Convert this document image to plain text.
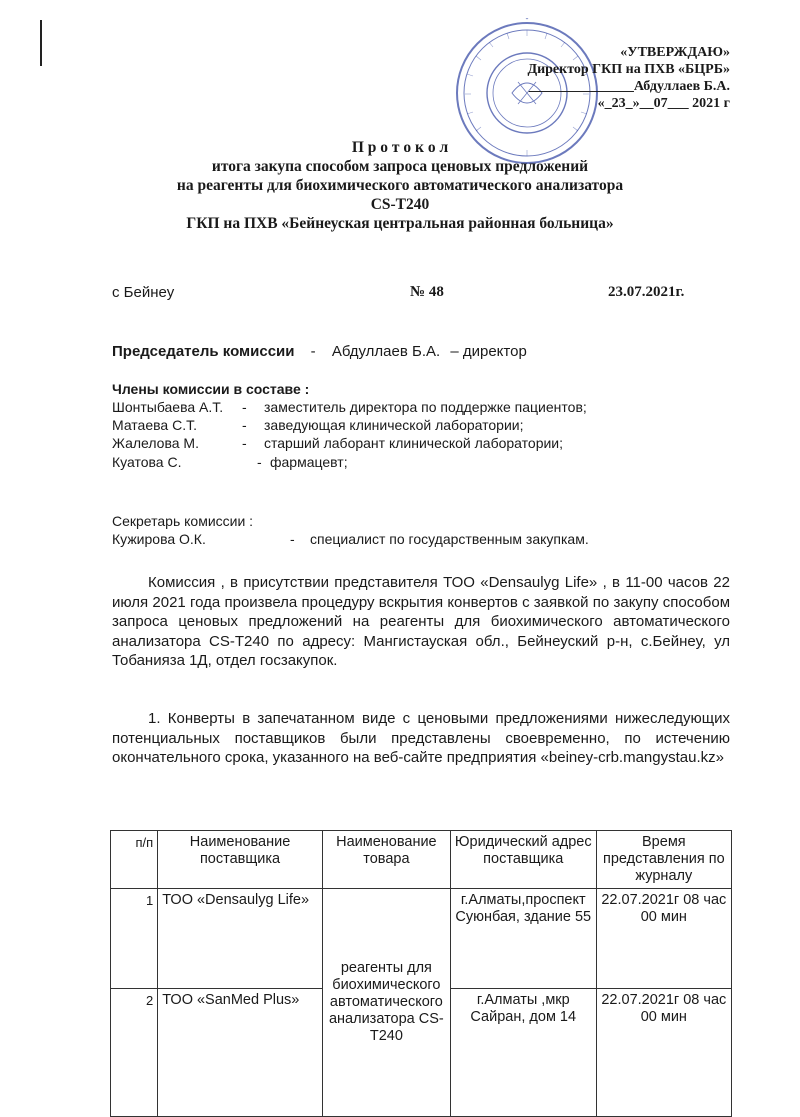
«УТВЕРЖДАЮ»
Директор ГКП на ПХВ «БЦРБ»
_______________Абдуллаев Б.А.
«_23_»__07___ 2021 г
П р о т о к о л
итога закупа способом запроса ценовых предложений
на реагенты для биохимического автоматического анализатора
CS-T240
ГКП на ПХВ «Бейнеуская центральная районная больница»
с Бейнеу	№ 48	23.07.2021г.
Председатель комиссии - Абдуллаев Б.А. – директор
Члены комиссии в составе :
Шонтыбаева А.Т. - заместитель директора по поддержке пациентов;
Матаева С.Т.	- заведующая клинической лаборатории;
Жалелова М.	- старший лаборант клинической лаборатории;
Куатова С.	- фармацевт;
Секретарь комиссии :
Кужирова О.К.	- специалист по государственным закупкам.
Комиссия , в присутствии представителя ТОО «Densaulyg Life» , в 11-00 часов 22 июля 2021 года произвела процедуру вскрытия конвертов с заявкой по закупу способом запроса ценовых предложений на реагенты для биохимического автоматического анализатора CS-T240 по адресу: Мангистауская обл., Бейнеуский р-н, с.Бейнеу, ул Тобанияза 1Д, отдел госзакупок.
1. Конверты в запечатанном виде с ценовыми предложениями нижеследующих потенциальных поставщиков были представлены своевременно, по истечению окончательного срока, указанного на веб-сайте предприятия «beiney-crb.mangystau.kz»
п/п	Наименование поставщика	Наименование товара	Юридический адрес поставщика	Время представления по журналу
1	ТОО «Densaulyg Life»	реагенты для биохимического автоматического анализатора CS-T240	г.Алматы,проспект Суюнбая, здание 55	22.07.2021г 08 час 00 мин
2	ТОО «SanMed Plus»		г.Алматы ,мкр Сайран, дом 14	22.07.2021г 08 час 00 мин
